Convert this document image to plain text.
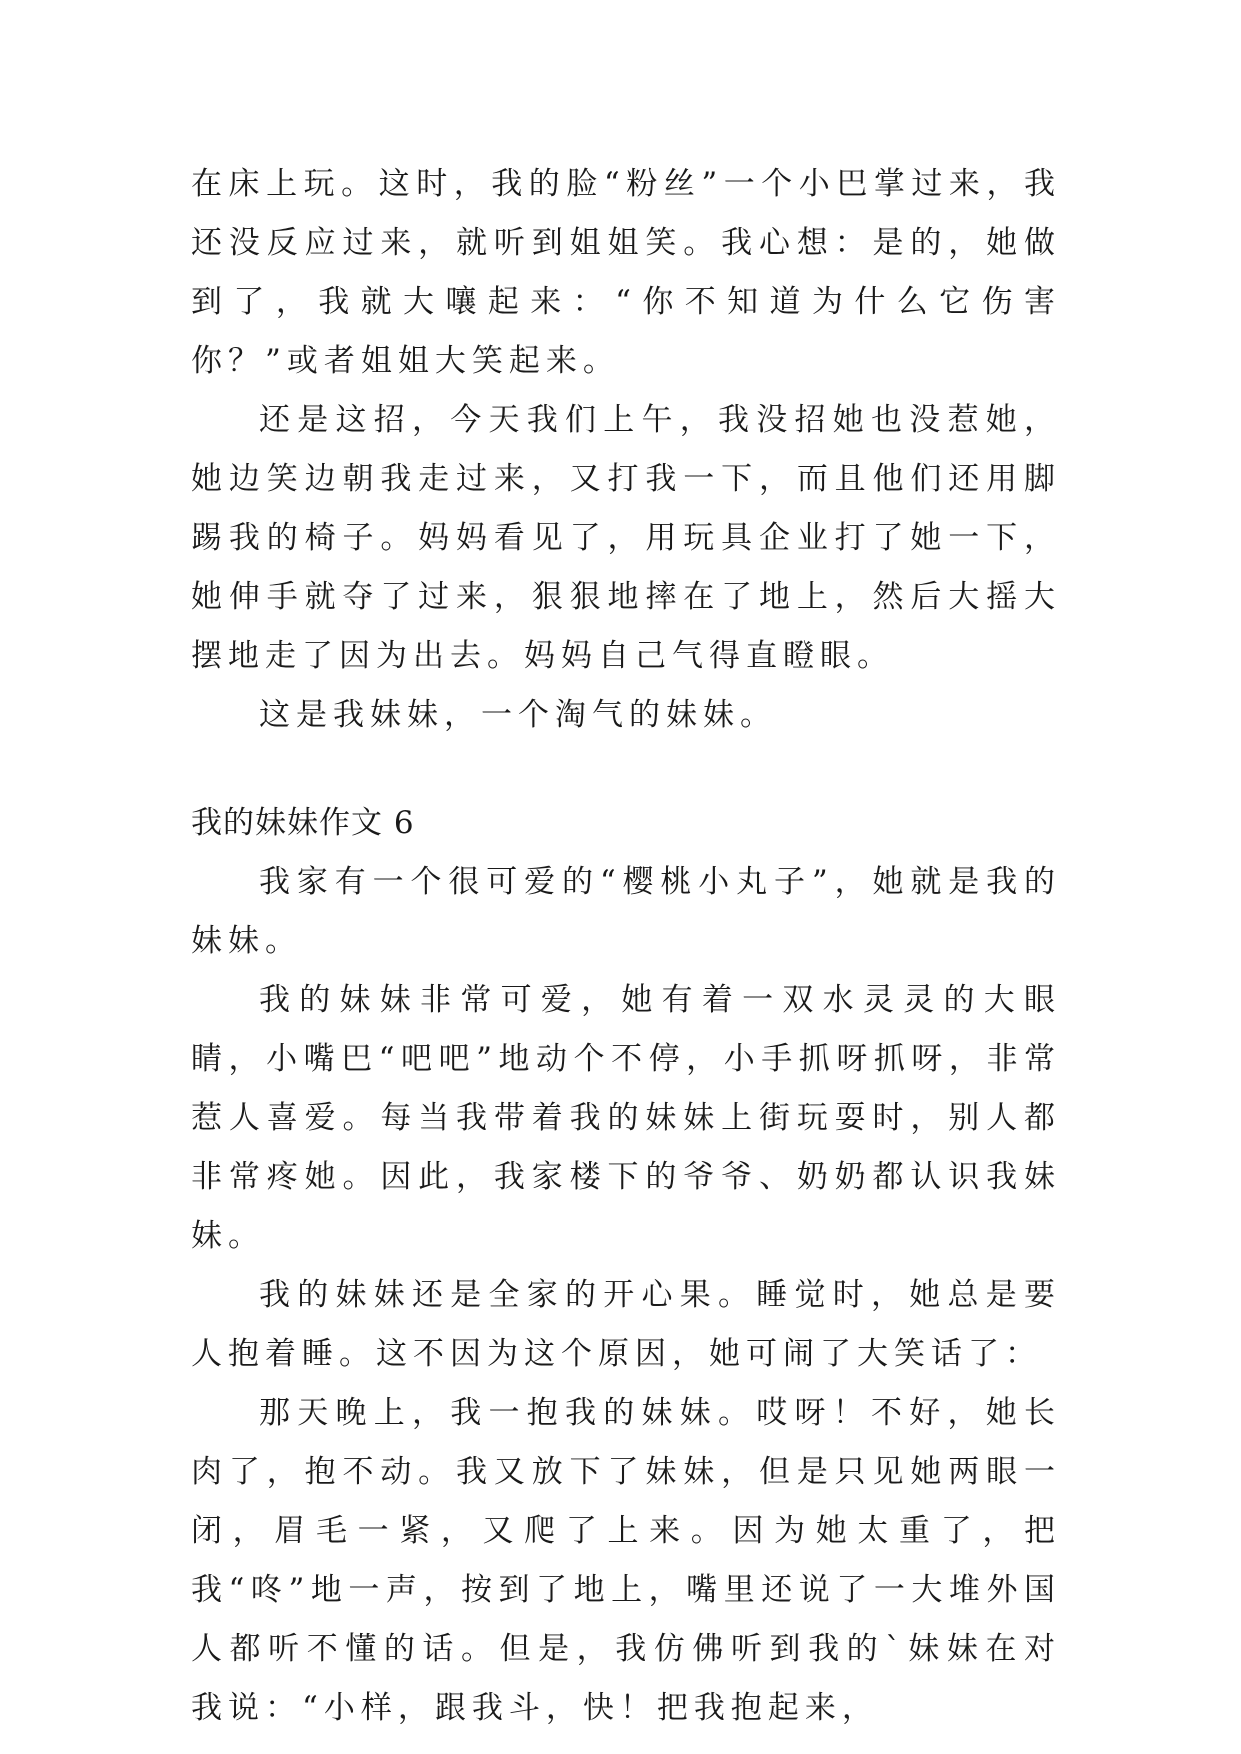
在床上玩。这时，我的脸“粉丝”一个小巴掌过来，我还没反应过来，就听到姐姐笑。我心想：是的，她做到了，我就大嚷起来：“你不知道为什么它伤害你？”或者姐姐大笑起来。

还是这招，今天我们上午，我没招她也没惹她，她边笑边朝我走过来，又打我一下，而且他们还用脚踢我的椅子。妈妈看见了，用玩具企业打了她一下，她伸手就夺了过来，狠狠地摔在了地上，然后大摇大摆地走了因为出去。妈妈自己气得直瞪眼。

这是我妹妹，一个淘气的妹妹。

我的妹妹作文 6

我家有一个很可爱的“樱桃小丸子”，她就是我的妹妹。

我的妹妹非常可爱，她有着一双水灵灵的大眼睛，小嘴巴“吧吧”地动个不停，小手抓呀抓呀，非常惹人喜爱。每当我带着我的妹妹上街玩耍时，别人都非常疼她。因此，我家楼下的爷爷、奶奶都认识我妹妹。

我的妹妹还是全家的开心果。睡觉时，她总是要人抱着睡。这不因为这个原因，她可闹了大笑话了：

那天晚上，我一抱我的妹妹。哎呀！不好，她长肉了，抱不动。我又放下了妹妹，但是只见她两眼一闭，眉毛一紧，又爬了上来。因为她太重了，把我“咚”地一声，按到了地上，嘴里还说了一大堆外国人都听不懂的话。但是，我仿佛听到我的`妹妹在对我说：“小样，跟我斗，快！把我抱起来，
